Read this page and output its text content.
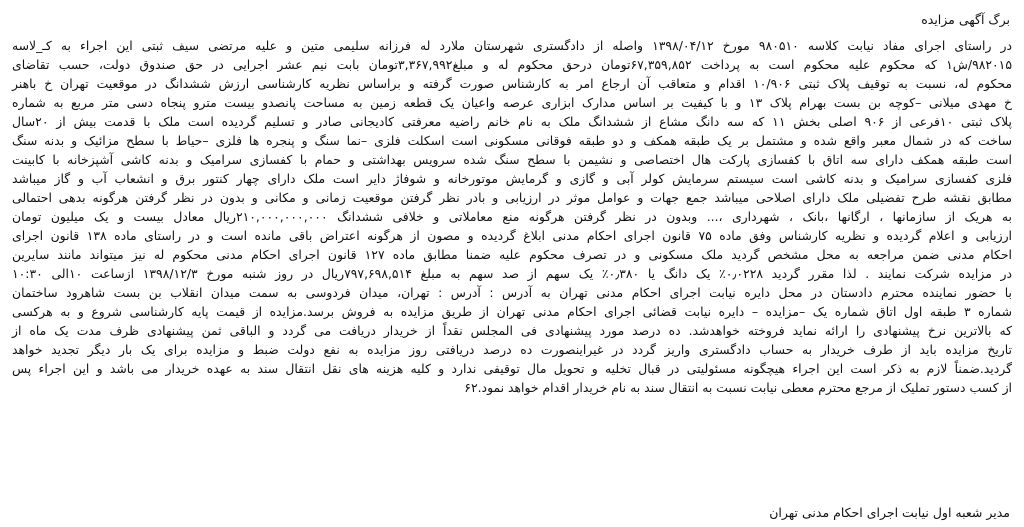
برگ آگهی مزایده
در راستای اجرای مفاد نیابت کلاسه ۹۸۰۵۱۰ مورخ ۱۳۹۸/۰۴/۱۲ واصله از دادگستری شهرستان ملارد له فرزانه سلیمی متین و علیه مرتضی سیف ثبتی این اجراء به کـ_لاسه
۹۸۲۰۱۵/ش۱ که محکوم علیه محکوم است به پرداخت ۶۷,۳۵۹,۸۵۲تومان درحق محکوم له و مبلغ۳,۳۶۷,۹۹۲تومان بابت نیم عشر اجرایی در حق صندوق دولت، حسب تقاضای
محکوم له، نسبت به توقیف پلاک ثبتی ۱۰/۹۰۶ اقدام و متعاقب آن ارجاع امر به کارشناس صورت گرفته و براساس نظریه کارشناسی ارزش ششدانگ در موقعیت تهران خ باهنر
خ مهدی میلانی –کوچه بن بست بهرام پلاک ۱۳ و با کیفیت بر اساس مدارک ابزاری عرصه واعیان یک قطعه زمین به مساحت پانصدو بیست مترو پنجاه دسی متر مربع به شماره
پلاک ثبتی ۱۰فرعی از ۹۰۶ اصلی بخش ۱۱ که سه دانگ مشاع از ششدانگ ملک به نام خانم راضیه معرفتی کادیجانی صادر و تسلیم گردیده است ملک با قدمت بیش از ۲۰سال
ساخت که در شمال معبر واقع شده و مشتمل بر یک طبقه همکف و دو طبقه فوقانی مسکونی است اسکلت فلزی –نما سنگ و پنجره ها فلزی –حیاط با سطح مزائیک و بدنه سنگ
است طبقه همکف دارای سه اتاق با کفسازی پارکت هال اختصاصی و نشیمن با سطح سنگ شده سرویس بهداشتی و حمام با کفسازی سرامیک و بدنه کاشی آشپزخانه با کابینت
فلزی کفسازی سرامیک و بدنه کاشی است سیستم سرمایش کولر آبی و گازی و گرمایش موتورخانه و شوفاژ دایر است ملک دارای چهار کنتور برق و انشعاب آب و گاز میباشد
مطابق نقشه طرح تفضیلی ملک دارای اصلاحی میباشد جمع جهات و عوامل موثر در ارزیابی و بادر نظر گرفتن موقعیت زمانی و مکانی و بدون در نظر گرفتن هرگونه بدهی احتمالی
به هریک از سازمانها ، ارگانها ،بانک ، شهرداری ،... وبدون در نظر گرفتن هرگونه منع معاملاتی و خلافی ششدانگ ۲۱۰,۰۰۰,۰۰۰,۰۰۰ریال معادل بیست و یک میلیون تومان
ارزیابی و اعلام گردیده و نظریه کارشناس وفق ماده ۷۵ قانون اجرای احکام مدنی ابلاغ گردیده و مصون از هرگونه اعتراض باقی مانده است و در راستای ماده ۱۳۸ قانون اجرای
احکام مدنی ضمن مراجعه به محل مشخص گردید ملک مسکونی و در تصرف محکوم علیه ضمنا مطابق ماده ۱۲۷ قانون اجرای احکام مدنی محکوم له نیز میتواند مانند سایرین
در مزایده شرکت نمایند . لذا مقرر گردید ۰٫۰۲۲۸٪ یک دانگ یا ۰٫۳۸۰٪ یک سهم از صد سهم به مبلغ ۷۹۷,۶۹۸,۵۱۴ریال در روز شنبه مورخ ۱۳۹۸/۱۲/۳ ازساعت ۱۰الی ۱۰:۳۰
با حضور نماینده محترم دادستان در محل دایره نیابت اجرای احکام مدنی تهران به آدرس : آدرس : تهران، میدان فردوسی به سمت میدان انقلاب بن بست شاهرود ساختمان
شماره ۳ طبقه اول اتاق شماره یک –مزایده – دایره نیابت قضائی اجرای احکام مدنی تهران از طریق مزایده به فروش برسد.مزایده از قیمت پایه کارشناسی شروع و به هرکسی
که بالاترین نرخ پیشنهادی را ارائه نماید فروخته خواهدشد. ده درصد مورد پیشنهادی فی المجلس نقداً از خریدار دریافت می گردد و الباقی ثمن پیشنهادی ظرف مدت یک ماه از
تاریخ مزایده باید از طرف خریدار به حساب دادگستری واریز گردد در غیراینصورت ده درصد دریافتی روز مزایده به نفع دولت ضبط و مزایده برای یک بار دیگر تجدید خواهد
گردید.ضمناً لازم به ذکر است این اجراء هیچگونه مسئولیتی در قبال تخلیه و تحویل مال توقیفی ندارد و کلیه هزینه های نقل انتقال سند به عهده خریدار می باشد و این اجراء پس
از کسب دستور تملیک از مرجع محترم معطی نیابت نسبت به انتقال سند به نام خریدار اقدام خواهد نمود.۶۲
مدیر شعبه اول نیابت اجرای احکام مدنی تهران
